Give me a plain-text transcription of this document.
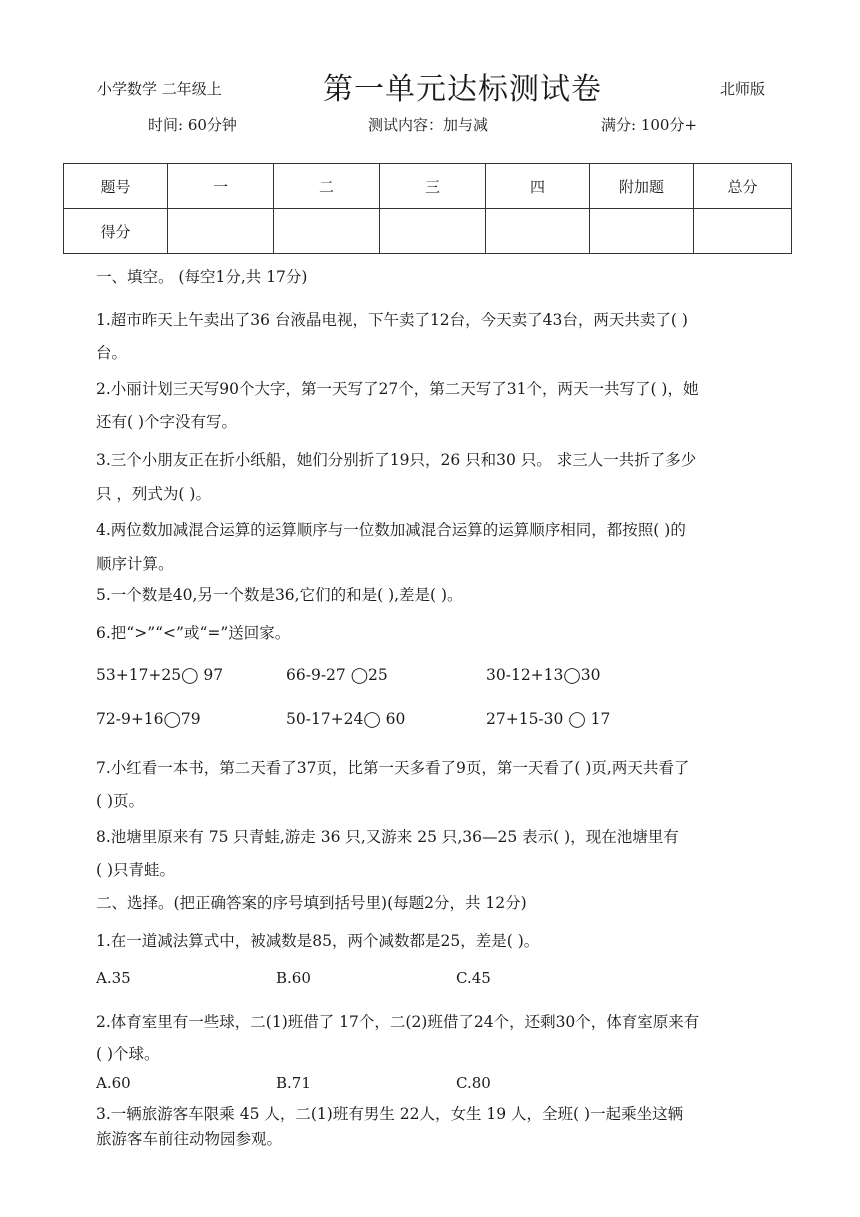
小学数学 二年级上	第一单元达标测试卷	北师版
时间: 60分钟	测试内容：加与减	满分: 100分+
题号	一	二	三	四	附加题	总分
得分						
一、填空。 (每空1分,共 17分)
1.超市昨天上午卖出了36 台液晶电视，下午卖了12台，今天卖了43台，两天共卖了( )
台。
2.小丽计划三天写90个大字，第一天写了27个，第二天写了31个，两天一共写了( )，她
还有( )个字没有写。
3.三个小朋友正在折小纸船，她们分别折了19只，26 只和30 只。 求三人一共折了多少
只 ，列式为( )。
4.两位数加减混合运算的运算顺序与一位数加减混合运算的运算顺序相同，都按照( )的
顺序计算。
5.一个数是40,另一个数是36,它们的和是( ),差是( )。
6.把“>”“<”或“=”送回家。
53+17+25◯ 97	66-9-27 ◯25	30-12+13◯30
72-9+16◯79	50-17+24◯ 60	27+15-30 ◯ 17
7.小红看一本书，第二天看了37页，比第一天多看了9页，第一天看了( )页,两天共看了
( )页。
8.池塘里原来有 75 只青蛙,游走 36 只,又游来 25 只,36—25 表示( )，现在池塘里有
( )只青蛙。
二、选择。(把正确答案的序号填到括号里)(每题2分，共 12分)
1.在一道减法算式中，被减数是85，两个减数都是25，差是( )。
A.35	B.60	C.45
2.体育室里有一些球，二(1)班借了 17个，二(2)班借了24个，还剩30个，体育室原来有
( )个球。
A.60	B.71	C.80
3.一辆旅游客车限乘 45 人，二(1)班有男生 22人，女生 19 人，全班( )一起乘坐这辆
旅游客车前往动物园参观。
